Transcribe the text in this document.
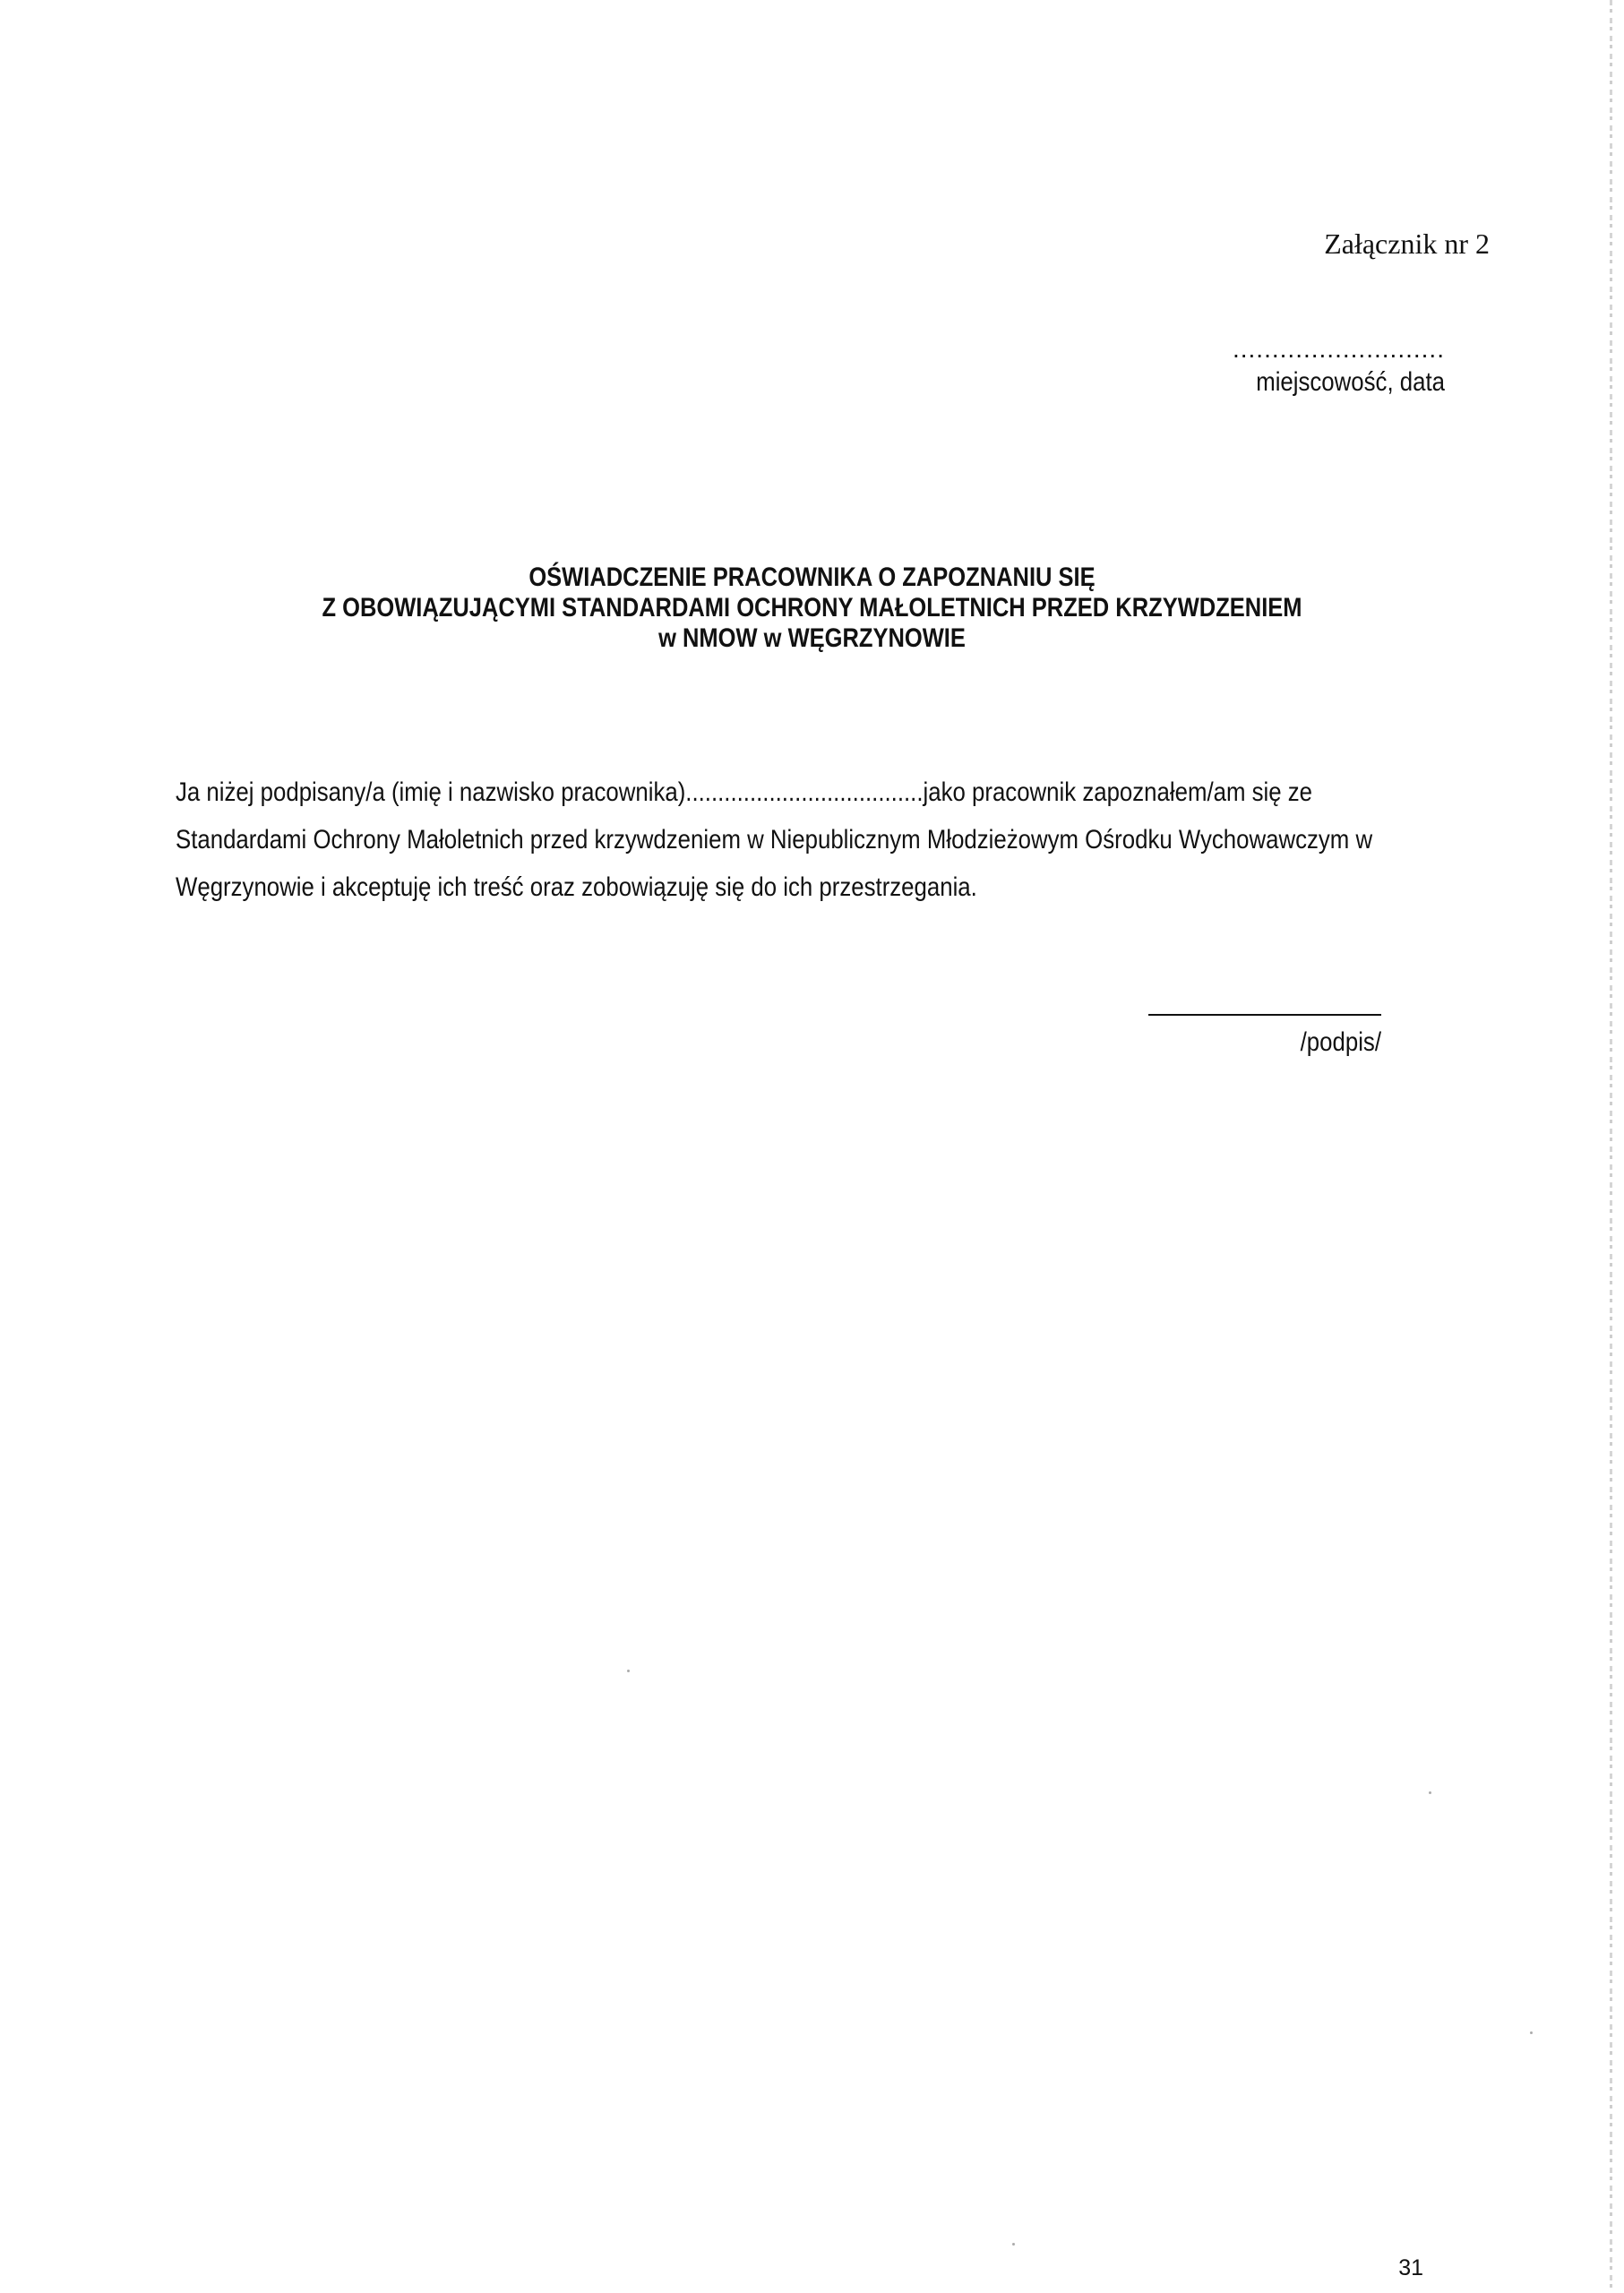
Załącznik nr 2
...........................
miejscowość, data
OŚWIADCZENIE PRACOWNIKA O ZAPOZNANIU SIĘ
Z OBOWIĄZUJĄCYMI STANDARDAMI OCHRONY MAŁOLETNICH PRZED KRZYWDZENIEM
w NMOW w WĘGRZYNOWIE
Ja niżej podpisany/a (imię i nazwisko pracownika).....................................jako pracownik zapoznałem/am się ze
Standardami Ochrony Małoletnich przed krzywdzeniem w Niepublicznym Młodzieżowym Ośrodku Wychowawczym w
Węgrzynowie i akceptuję ich treść oraz zobowiązuję się do ich przestrzegania.
/podpis/
31
